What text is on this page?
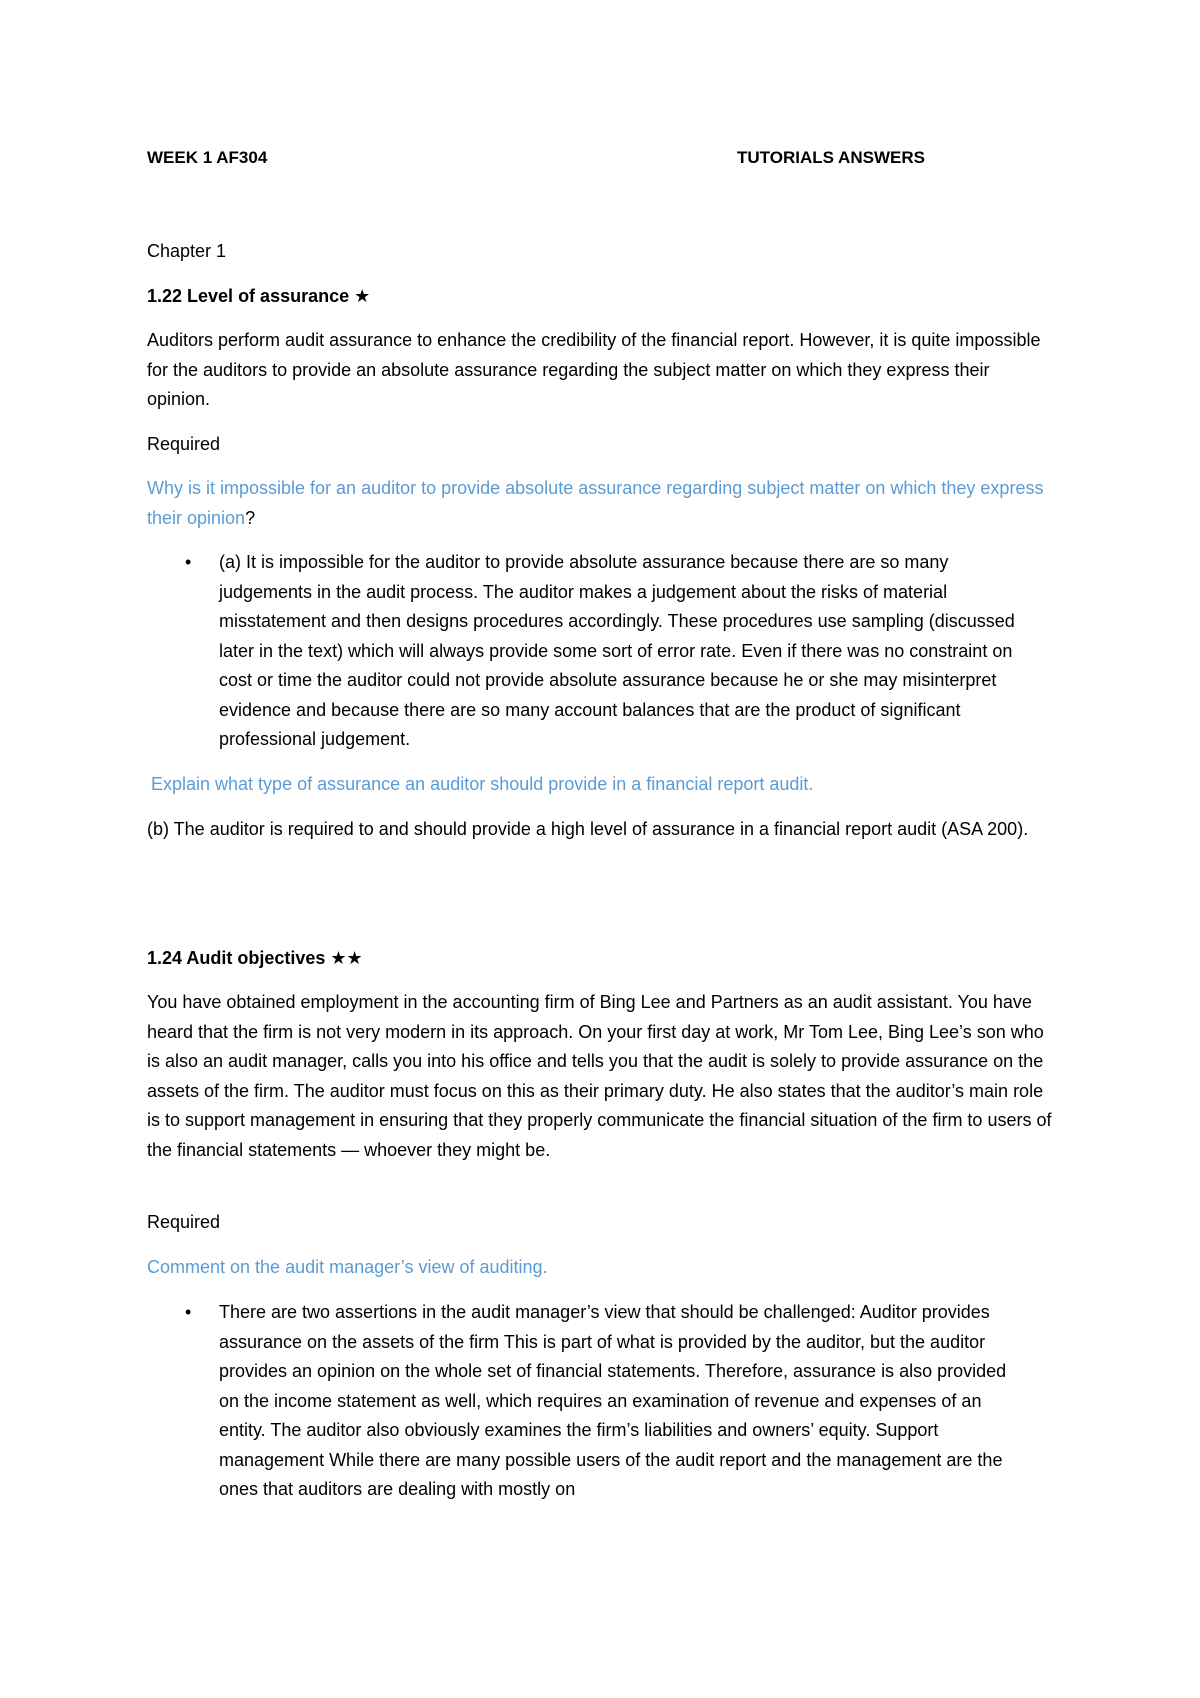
WEEK 1 AF304	TUTORIALS ANSWERS
Chapter 1
1.22 Level of assurance ★
Auditors perform audit assurance to enhance the credibility of the financial report. However, it is quite impossible for the auditors to provide an absolute assurance regarding the subject matter on which they express their opinion.
Required
Why is it impossible for an auditor to provide absolute assurance regarding subject matter on which they express their opinion?
• (a) It is impossible for the auditor to provide absolute assurance because there are so many judgements in the audit process. The auditor makes a judgement about the risks of material misstatement and then designs procedures accordingly. These procedures use sampling (discussed later in the text) which will always provide some sort of error rate. Even if there was no constraint on cost or time the auditor could not provide absolute assurance because he or she may misinterpret evidence and because there are so many account balances that are the product of significant professional judgement.
Explain what type of assurance an auditor should provide in a financial report audit.
(b) The auditor is required to and should provide a high level of assurance in a financial report audit (ASA 200).
1.24 Audit objectives ★★
You have obtained employment in the accounting firm of Bing Lee and Partners as an audit assistant. You have heard that the firm is not very modern in its approach. On your first day at work, Mr Tom Lee, Bing Lee’s son who is also an audit manager, calls you into his office and tells you that the audit is solely to provide assurance on the assets of the firm. The auditor must focus on this as their primary duty. He also states that the auditor’s main role is to support management in ensuring that they properly communicate the financial situation of the firm to users of the financial statements — whoever they might be.
Required
Comment on the audit manager’s view of auditing.
• There are two assertions in the audit manager’s view that should be challenged: Auditor provides assurance on the assets of the firm This is part of what is provided by the auditor, but the auditor provides an opinion on the whole set of financial statements. Therefore, assurance is also provided on the income statement as well, which requires an examination of revenue and expenses of an entity. The auditor also obviously examines the firm’s liabilities and owners’ equity. Support management While there are many possible users of the audit report and the management are the ones that auditors are dealing with mostly on
